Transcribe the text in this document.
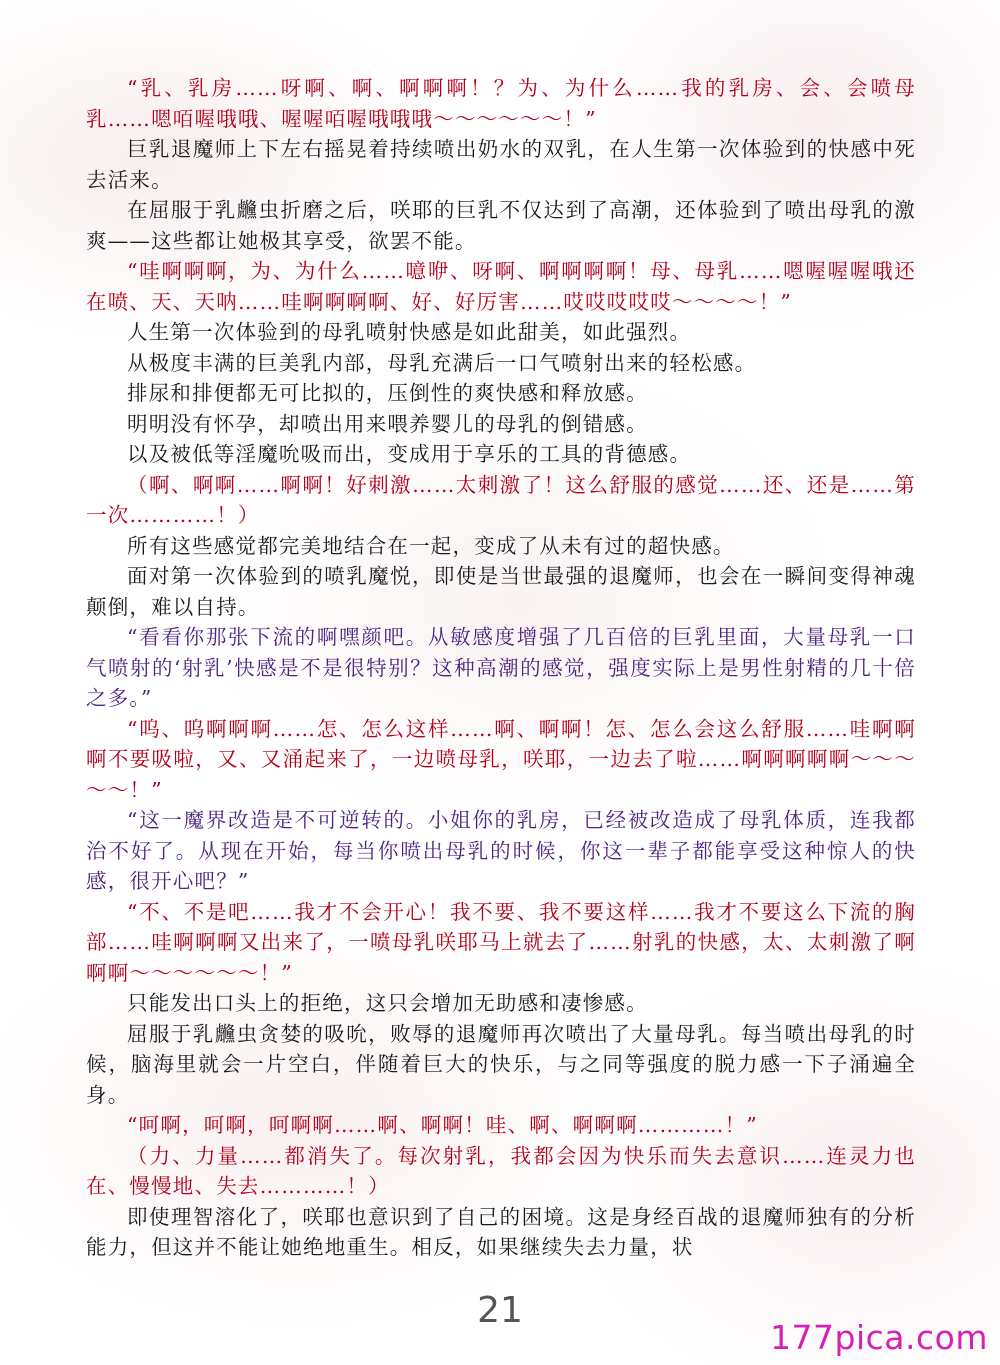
“乳、乳房……呀啊、啊、啊啊啊！？为、为什么……我的乳房、会、会喷母乳……嗯咟喔哦哦、喔喔咟喔哦哦哦～～～～～～！”

巨乳退魔师上下左右摇晃着持续喷出奶水的双乳，在人生第一次体验到的快感中死去活来。

在屈服于乳虪虫折磨之后，咲耶的巨乳不仅达到了高潮，还体验到了喷出母乳的激爽——这些都让她极其享受，欲罢不能。

“哇啊啊啊，为、为什么……噫咿、呀啊、啊啊啊啊！母、母乳……嗯喔喔喔哦还在喷、天、天呐……哇啊啊啊啊、好、好厉害……哎哎哎哎哎～～～～！”

人生第一次体验到的母乳喷射快感是如此甜美，如此强烈。

从极度丰满的巨美乳内部，母乳充满后一口气喷射出来的轻松感。

排尿和排便都无可比拟的，压倒性的爽快感和释放感。

明明没有怀孕，却喷出用来喂养婴儿的母乳的倒错感。

以及被低等淫魔吮吸而出，变成用于享乐的工具的背德感。

（啊、啊啊……啊啊！好刺激……太刺激了！这么舒服的感觉……还、还是……第一次…………！）

所有这些感觉都完美地结合在一起，变成了从未有过的超快感。

面对第一次体验到的喷乳魔悦，即使是当世最强的退魔师，也会在一瞬间变得神魂颠倒，难以自持。

“看看你那张下流的啊嘿颜吧。从敏感度增强了几百倍的巨乳里面，大量母乳一口气喷射的‘射乳’快感是不是很特别？这种高潮的感觉，强度实际上是男性射精的几十倍之多。”

“呜、呜啊啊啊……怎、怎么这样……啊、啊啊！怎、怎么会这么舒服……哇啊啊啊不要吸啦，又、又涌起来了，一边喷母乳，咲耶，一边去了啦……啊啊啊啊啊～～～～～！”

“这一魔界改造是不可逆转的。小姐你的乳房，已经被改造成了母乳体质，连我都治不好了。从现在开始，每当你喷出母乳的时候，你这一辈子都能享受这种惊人的快感，很开心吧？”

“不、不是吧……我才不会开心！我不要、我不要这样……我才不要这么下流的胸部……哇啊啊啊又出来了，一喷母乳咲耶马上就去了……射乳的快感，太、太刺激了啊啊啊～～～～～～！”

只能发出口头上的拒绝，这只会增加无助感和凄惨感。

屈服于乳虪虫贪婪的吸吮，败辱的退魔师再次喷出了大量母乳。每当喷出母乳的时候，脑海里就会一片空白，伴随着巨大的快乐，与之同等强度的脱力感一下子涌遍全身。

“呵啊，呵啊，呵啊啊……啊、啊啊！哇、啊、啊啊啊…………！”

（力、力量……都消失了。每次射乳，我都会因为快乐而失去意识……连灵力也在、慢慢地、失去…………！）

即使理智溶化了，咲耶也意识到了自己的困境。这是身经百战的退魔师独有的分析能力，但这并不能让她绝地重生。相反，如果继续失去力量，状

21
177pica.com
